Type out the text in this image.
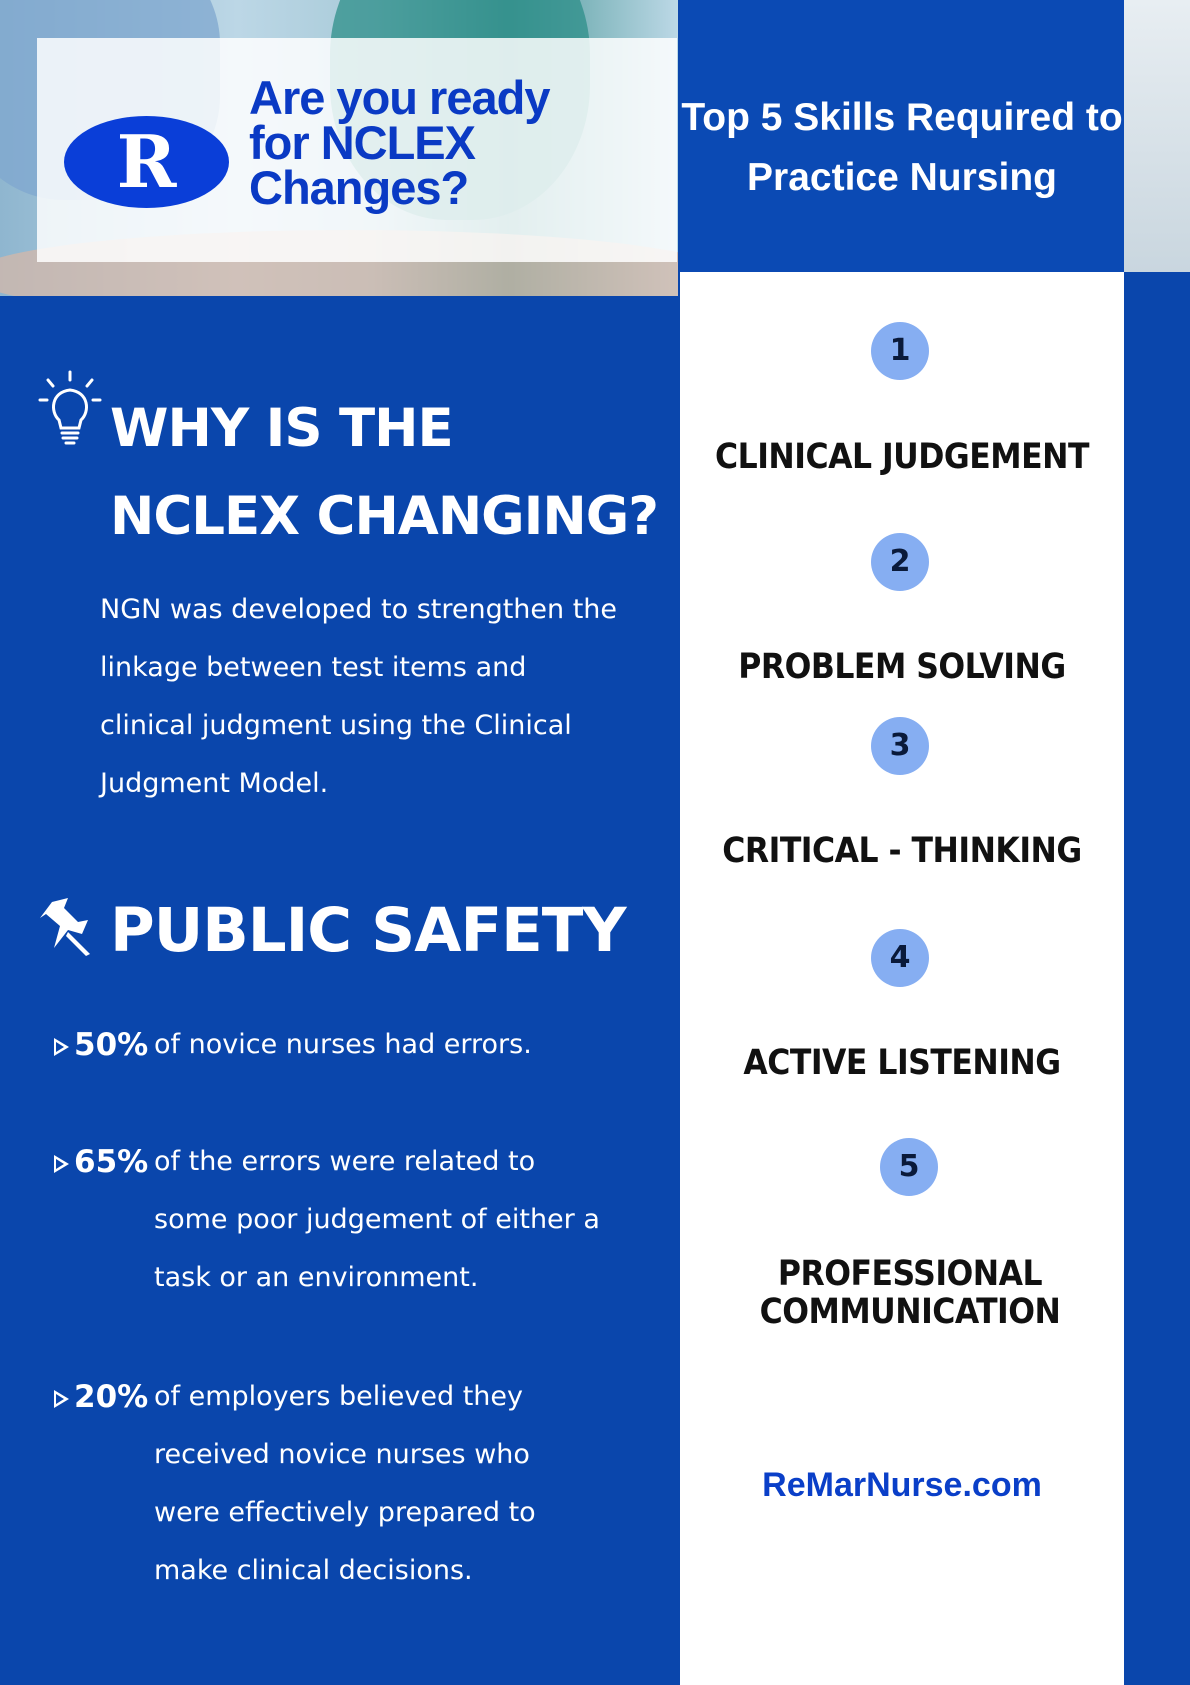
R
Are you ready
for NCLEX
Changes?
Top 5 Skills Required to Practice Nursing
1
CLINICAL JUDGEMENT
2
PROBLEM SOLVING
3
CRITICAL - THINKING
4
ACTIVE LISTENING
5
PROFESSIONAL COMMUNICATION
ReMarNurse.com
WHY IS THE
NCLEX CHANGING?
NGN was developed to strengthen the linkage between test items and clinical judgment using the Clinical Judgment Model.
PUBLIC SAFETY
50% of novice nurses had errors.
65% of the errors were related to some poor judgement of either a task or an environment.
20% of employers believed they received novice nurses who were effectively prepared to make clinical decisions.
